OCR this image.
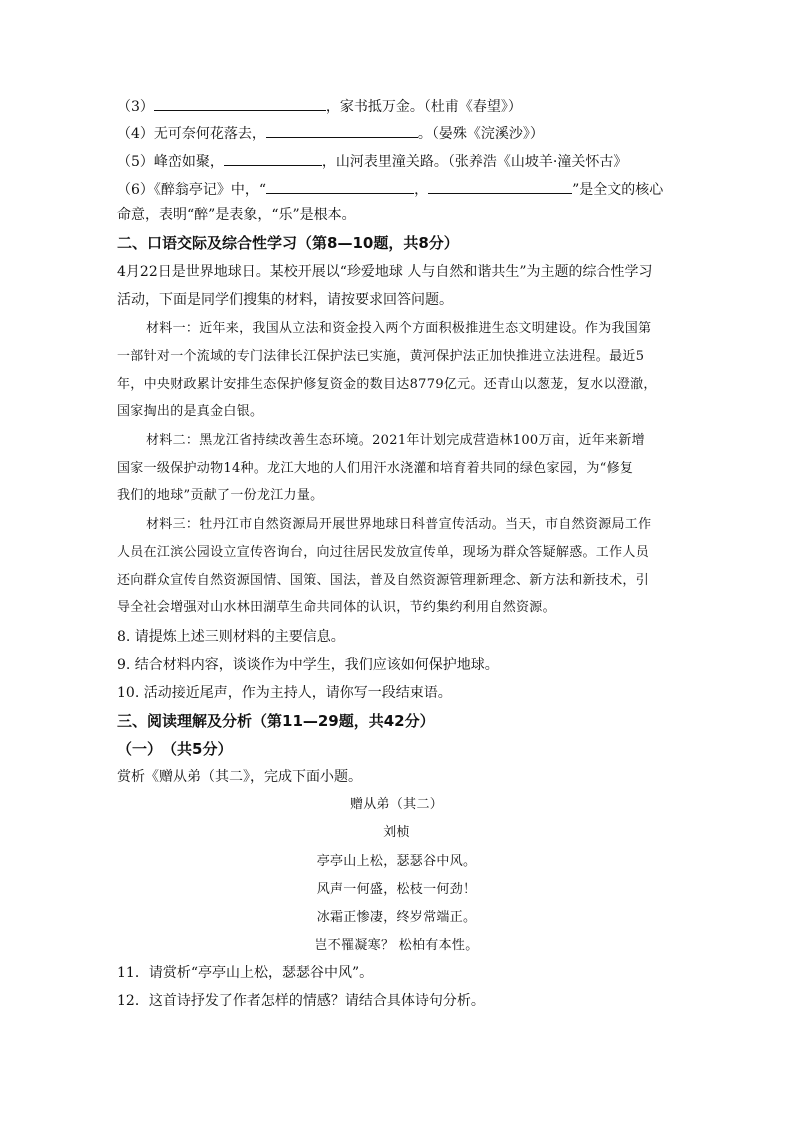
（3）	，家书抵万金。（杜甫《春望》）
（4）无可奈何花落去，	。（晏殊《浣溪沙》）
（5）峰峦如聚，	，山河表里潼关路。（张养浩《山坡羊·潼关怀古》
（6）《醉翁亭记》中，“	，	”是全文的核心
命意，表明“醉”是表象，“乐”是根本。
二、口语交际及综合性学习（第8—10题，共8分）
4月22日是世界地球日。某校开展以“珍爱地球 人与自然和谐共生”为主题的综合性学习
活动，下面是同学们搜集的材料，请按要求回答问题。
材料一：近年来，我国从立法和资金投入两个方面积极推进生态文明建设。作为我国第
一部针对一个流域的专门法律长江保护法已实施，黄河保护法正加快推进立法进程。最近5
年，中央财政累计安排生态保护修复资金的数目达8779亿元。还青山以葱茏，复水以澄澈，
国家掏出的是真金白银。
材料二：黑龙江省持续改善生态环境。2021年计划完成营造林100万亩，近年来新增
国家一级保护动物14种。龙江大地的人们用汗水浇灌和培育着共同的绿色家园，为“修复
我们的地球”贡献了一份龙江力量。
材料三：牡丹江市自然资源局开展世界地球日科普宣传活动。当天，市自然资源局工作
人员在江滨公园设立宣传咨询台，向过往居民发放宣传单，现场为群众答疑解惑。工作人员
还向群众宣传自然资源国情、国策、国法，普及自然资源管理新理念、新方法和新技术，引
导全社会增强对山水林田湖草生命共同体的认识，节约集约利用自然资源。
8. 请提炼上述三则材料的主要信息。
9. 结合材料内容，谈谈作为中学生，我们应该如何保护地球。
10. 活动接近尾声，作为主持人，请你写一段结束语。
三、阅读理解及分析（第11—29题，共42分）
（一）　（共5分）
赏析《赠从弟（其二》，完成下面小题。
赠从弟（其二）
刘桢
亭亭山上松，瑟瑟谷中风。
风声一何盛，松枝一何劲！
冰霜正惨凄，终岁常端正。
岂不罹凝寒？ 松柏有本性。
11．请赏析“亭亭山上松，瑟瑟谷中风”。
12．这首诗抒发了作者怎样的情感？请结合具体诗句分析。
